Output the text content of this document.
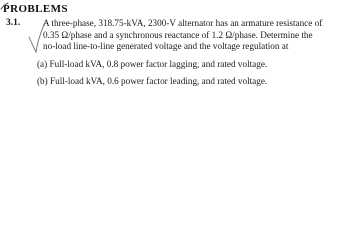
PROBLEMS
3.1. A three-phase, 318.75-kVA, 2300-V alternator has an armature resistance of
0.35 Ω/phase and a synchronous reactance of 1.2 Ω/phase. Determine the
no-load line-to-line generated voltage and the voltage regulation at
(a) Full-load kVA, 0.8 power factor lagging, and rated voltage.
(b) Full-load kVA, 0.6 power factor leading, and rated voltage.
